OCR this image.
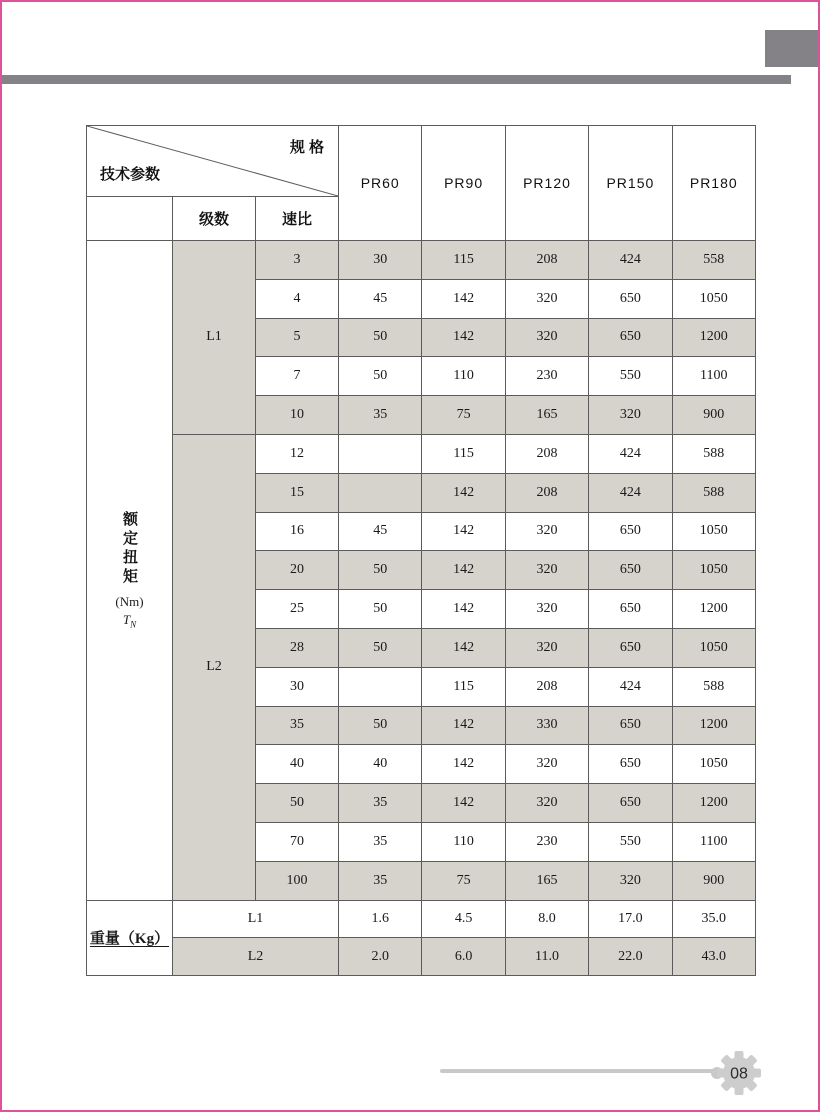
规 格
技术参数			PR60	PR90	PR120	PR150	PR180
	级数	速比					

额定扭矩
(Nm)
$T_N$	L1	3	30	115	208	424	558
		4	45	142	320	650	1050
		5	50	142	320	650	1200
		7	50	110	230	550	1100
		10	35	75	165	320	900
	L2	12		115	208	424	588
		15		142	208	424	588
		16	45	142	320	650	1050
		20	50	142	320	650	1050
		25	50	142	320	650	1200
		28	50	142	320	650	1050
		30		115	208	424	588
		35	50	142	330	650	1200
		40	40	142	320	650	1050
		50	35	142	320	650	1200
		70	35	110	230	550	1100
		100	35	75	165	320	900
重量（Kg）	L1		1.6	4.5	8.0	17.0	35.0
	L2		2.0	6.0	11.0	22.0	43.0
08
